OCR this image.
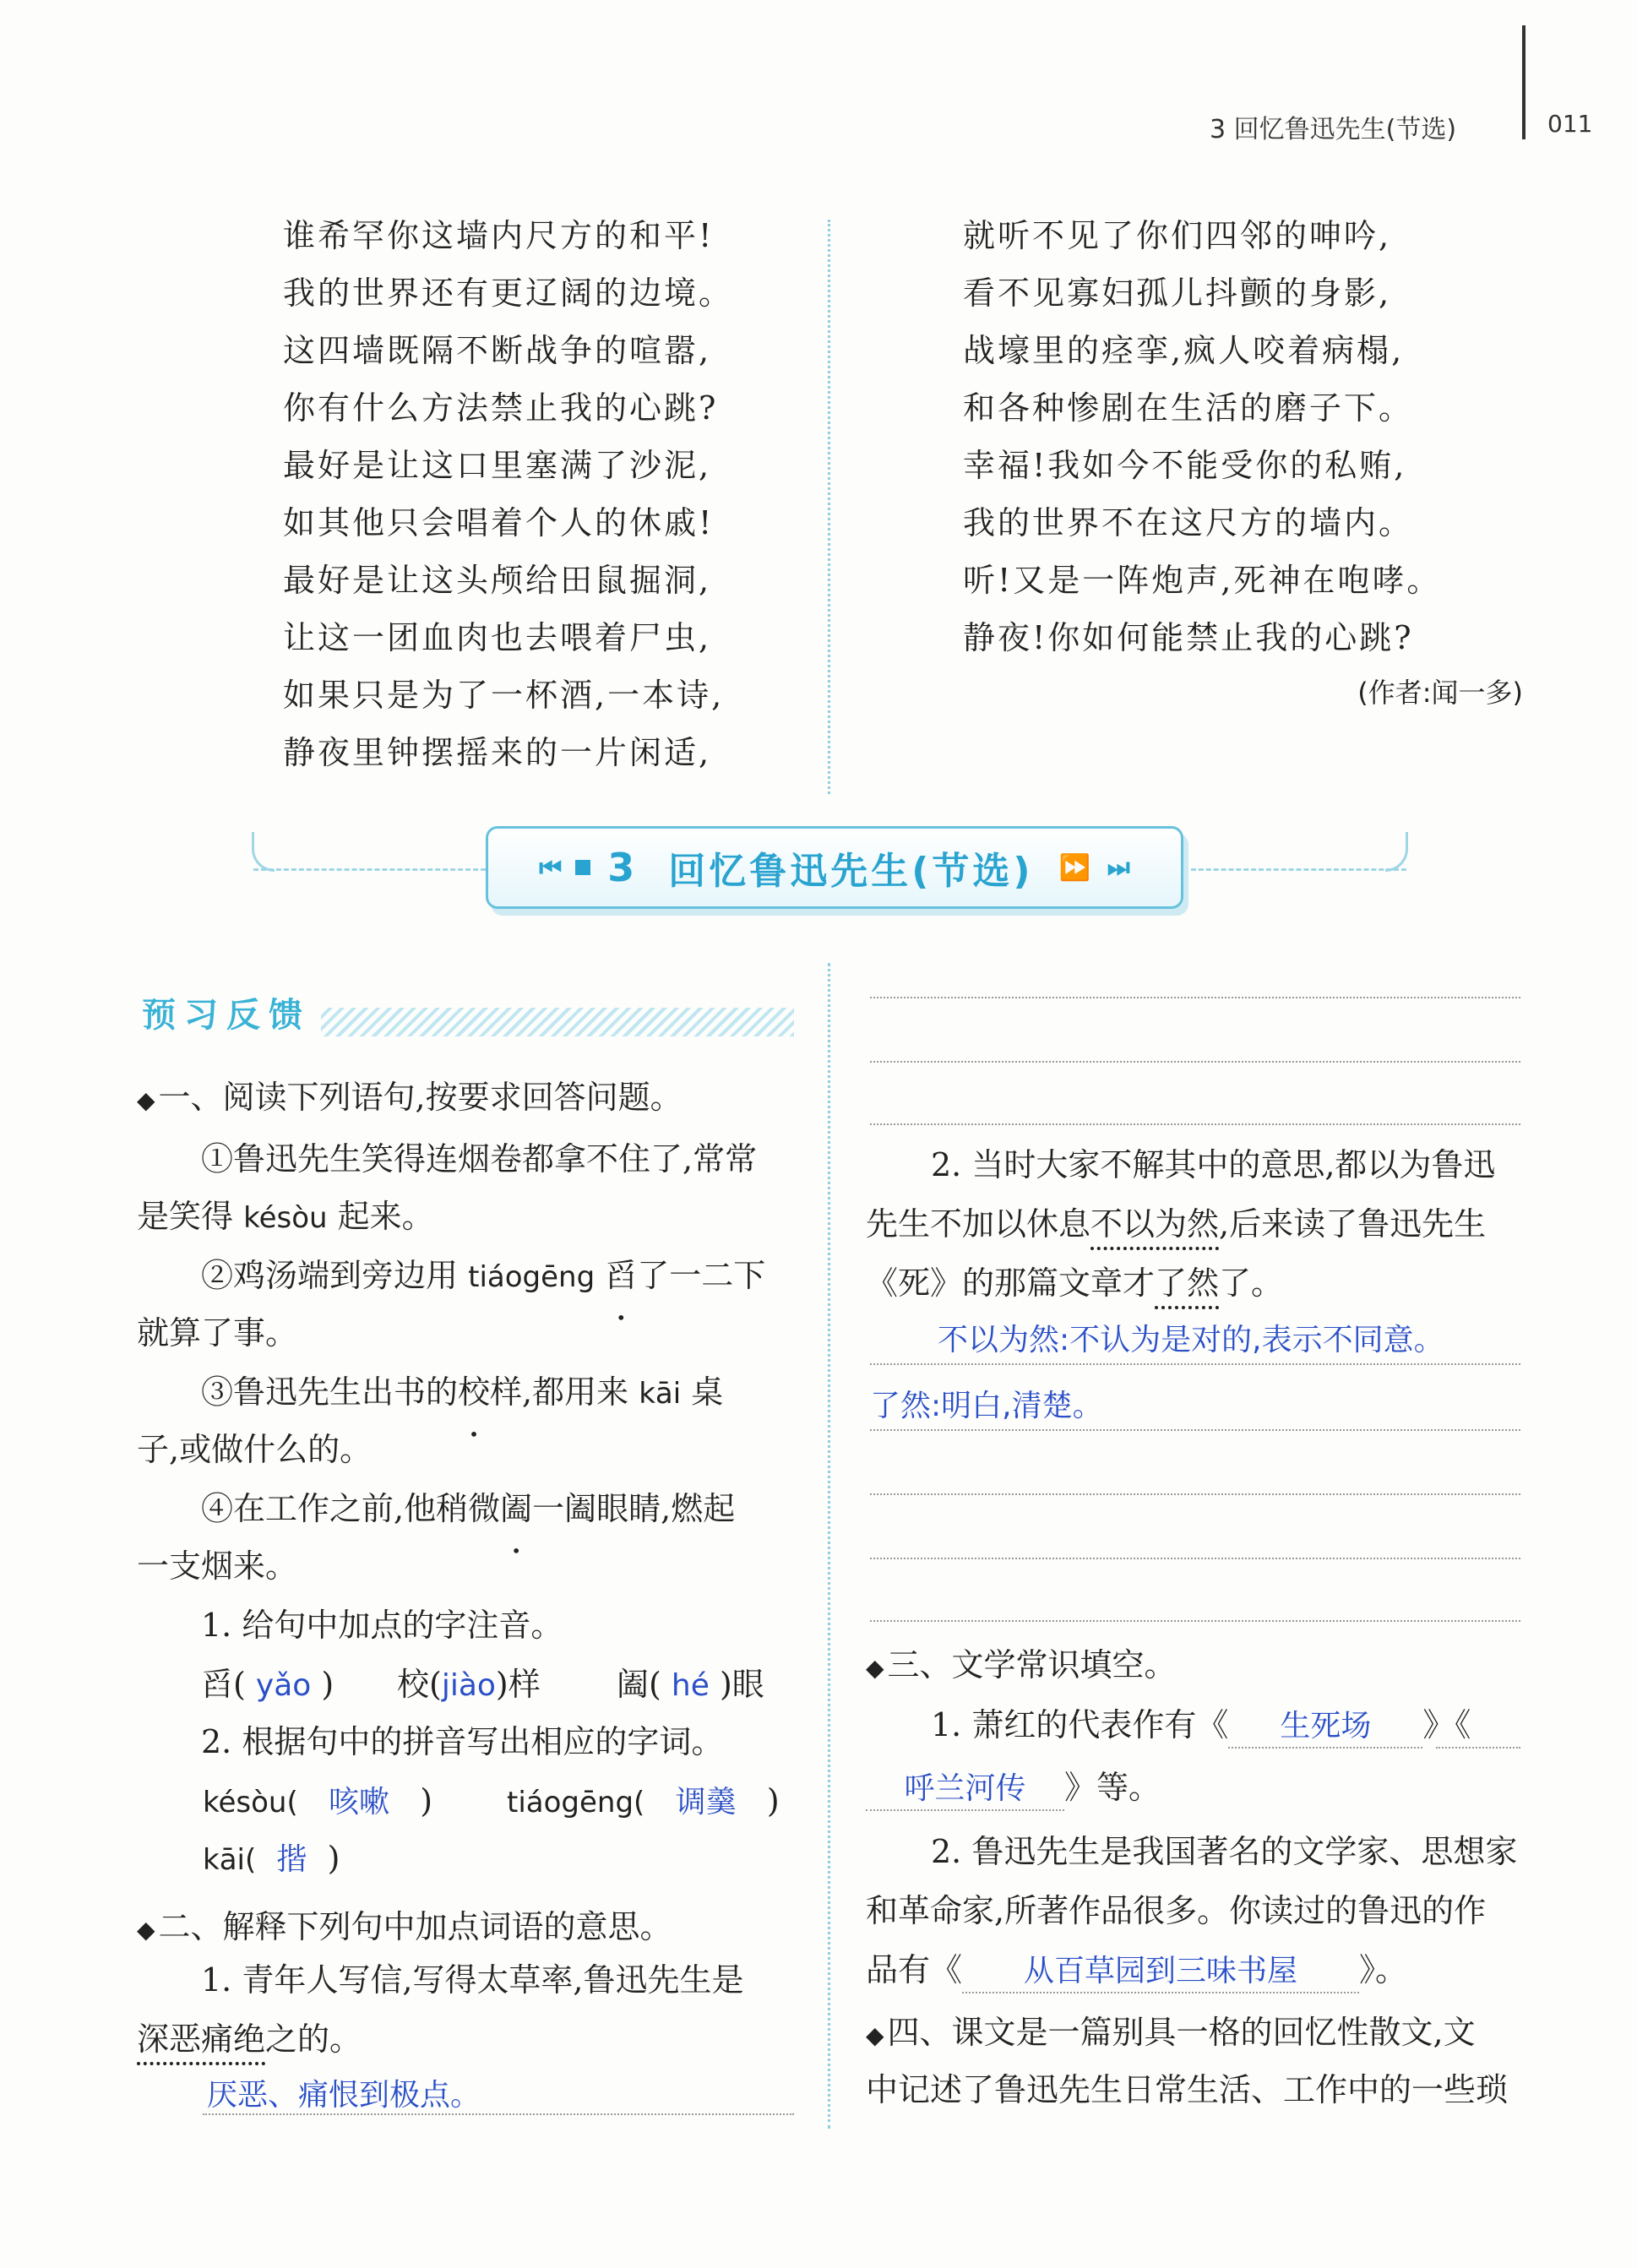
3 回忆鲁迅先生(节选)	011
谁希罕你这墙内尺方的和平!
我的世界还有更辽阔的边境。
这四墙既隔不断战争的喧嚣,
你有什么方法禁止我的心跳?
最好是让这口里塞满了沙泥,
如其他只会唱着个人的休戚!
最好是让这头颅给田鼠掘洞,
让这一团血肉也去喂着尸虫,
如果只是为了一杯酒,一本诗,
静夜里钟摆摇来的一片闲适,
就听不见了你们四邻的呻吟,
看不见寡妇孤儿抖颤的身影,
战壕里的痉挛,疯人咬着病榻,
和各种惨剧在生活的磨子下。
幸福!我如今不能受你的私贿,
我的世界不在这尺方的墙内。
听!又是一阵炮声,死神在咆哮。
静夜!你如何能禁止我的心跳?
(作者:闻一多)
⏮ 3 回忆鲁迅先生(节选) ⏩ ⏭
预习反馈
◆ 一、阅读下列语句,按要求回答问题。
①鲁迅先生笑得连烟卷都拿不住了,常常
是笑得 késòu 起来。
②鸡汤端到旁边用 tiáogēng 舀了一二下
就算了事。
③鲁迅先生出书的校样,都用来 kāi 桌
子,或做什么的。
④在工作之前,他稍微阖一阖眼睛,燃起
一支烟来。
1. 给句中加点的字注音。
舀( yǎo ) 校(jiào)样 阖( hé )眼
2. 根据句中的拼音写出相应的字词。
késòu( 咳嗽 )	tiáogēng( 调羹 )
kāi( 揩 )
◆ 二、解释下列句中加点词语的意思。
1. 青年人写信,写得太草率,鲁迅先生是
深恶痛绝之的。
厌恶、痛恨到极点。
2. 当时大家不解其中的意思,都以为鲁迅
先生不加以休息不以为然,后来读了鲁迅先生
《死》的那篇文章才了然了。
不以为然:不认为是对的,表示不同意。
了然:明白,清楚。
◆ 三、文学常识填空。
1. 萧红的代表作有《 生死场 》《
呼兰河传 》等。
2. 鲁迅先生是我国著名的文学家、思想家
和革命家,所著作品很多。你读过的鲁迅的作
品有《 从百草园到三味书屋 》。
◆ 四、课文是一篇别具一格的回忆性散文,文
中记述了鲁迅先生日常生活、工作中的一些琐
